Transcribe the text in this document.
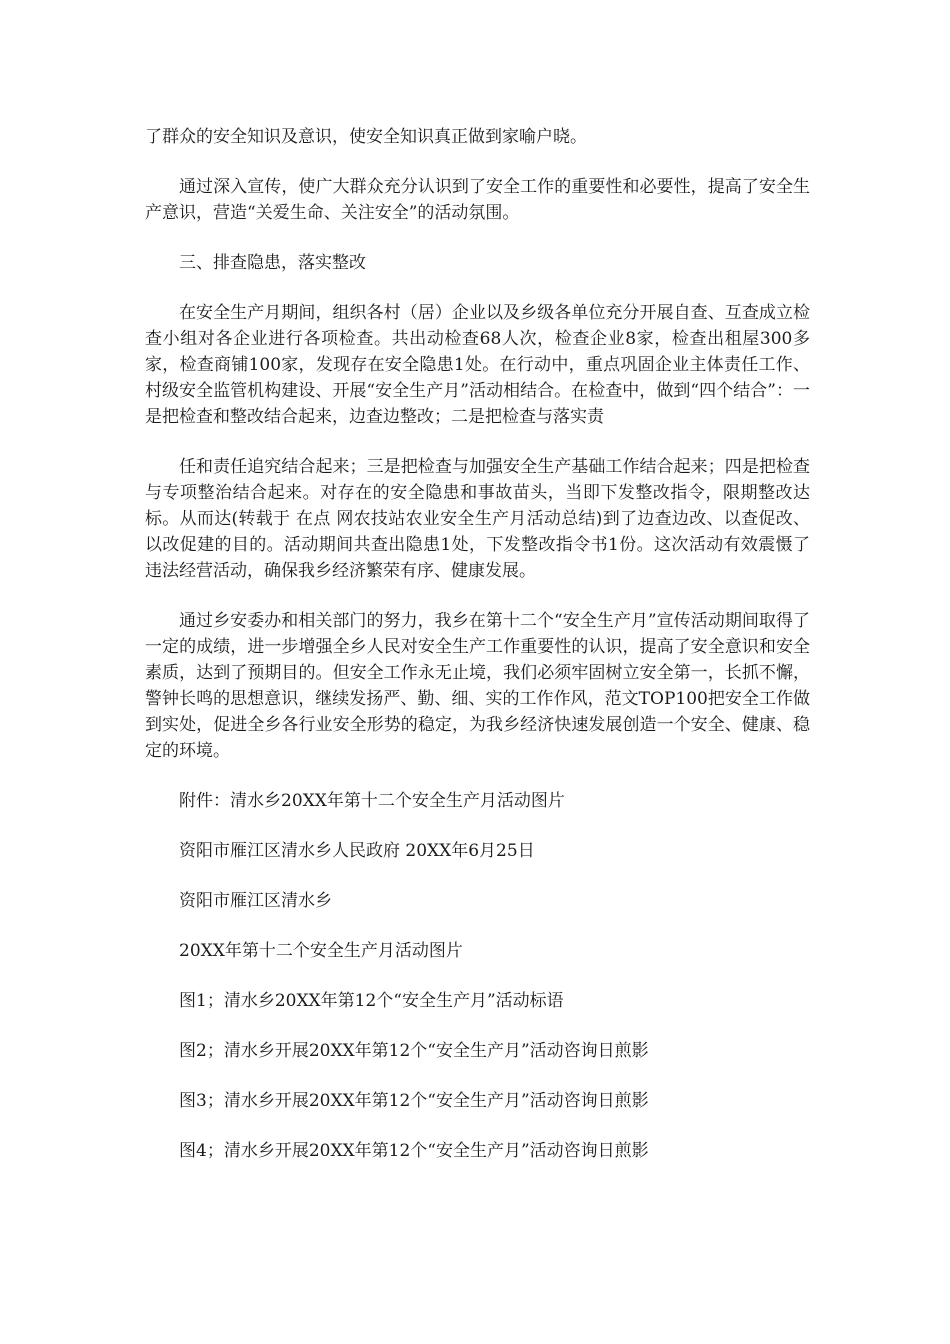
了群众的安全知识及意识，使安全知识真正做到家喻户晓。

通过深入宣传，使广大群众充分认识到了安全工作的重要性和必要性，提高了安全生产意识，营造“关爱生命、关注安全”的活动氛围。

三、排查隐患，落实整改

在安全生产月期间，组织各村（居）企业以及乡级各单位充分开展自查、互查成立检查小组对各企业进行各项检查。共出动检查68人次，检查企业8家，检查出租屋300多家，检查商铺100家，发现存在安全隐患1处。在行动中，重点巩固企业主体责任工作、村级安全监管机构建设、开展“安全生产月”活动相结合。在检查中，做到“四个结合”：一是把检查和整改结合起来，边查边整改；二是把检查与落实责

任和责任追究结合起来；三是把检查与加强安全生产基础工作结合起来；四是把检查与专项整治结合起来。对存在的安全隐患和事故苗头，当即下发整改指令，限期整改达标。从而达(转载于 在点 网农技站农业安全生产月活动总结)到了边查边改、以查促改、以改促建的目的。活动期间共查出隐患1处，下发整改指令书1份。这次活动有效震慑了违法经营活动，确保我乡经济繁荣有序、健康发展。

通过乡安委办和相关部门的努力，我乡在第十二个“安全生产月”宣传活动期间取得了一定的成绩，进一步增强全乡人民对安全生产工作重要性的认识，提高了安全意识和安全素质，达到了预期目的。但安全工作永无止境，我们必须牢固树立安全第一，长抓不懈，警钟长鸣的思想意识，继续发扬严、勤、细、实的工作作风，范文TOP100把安全工作做到实处，促进全乡各行业安全形势的稳定，为我乡经济快速发展创造一个安全、健康、稳定的环境。

附件：清水乡20XX年第十二个安全生产月活动图片

资阳市雁江区清水乡人民政府 20XX年6月25日

资阳市雁江区清水乡

20XX年第十二个安全生产月活动图片

图1；清水乡20XX年第12个“安全生产月”活动标语

图2；清水乡开展20XX年第12个“安全生产月”活动咨询日煎影

图3；清水乡开展20XX年第12个“安全生产月”活动咨询日煎影

图4；清水乡开展20XX年第12个“安全生产月”活动咨询日煎影
